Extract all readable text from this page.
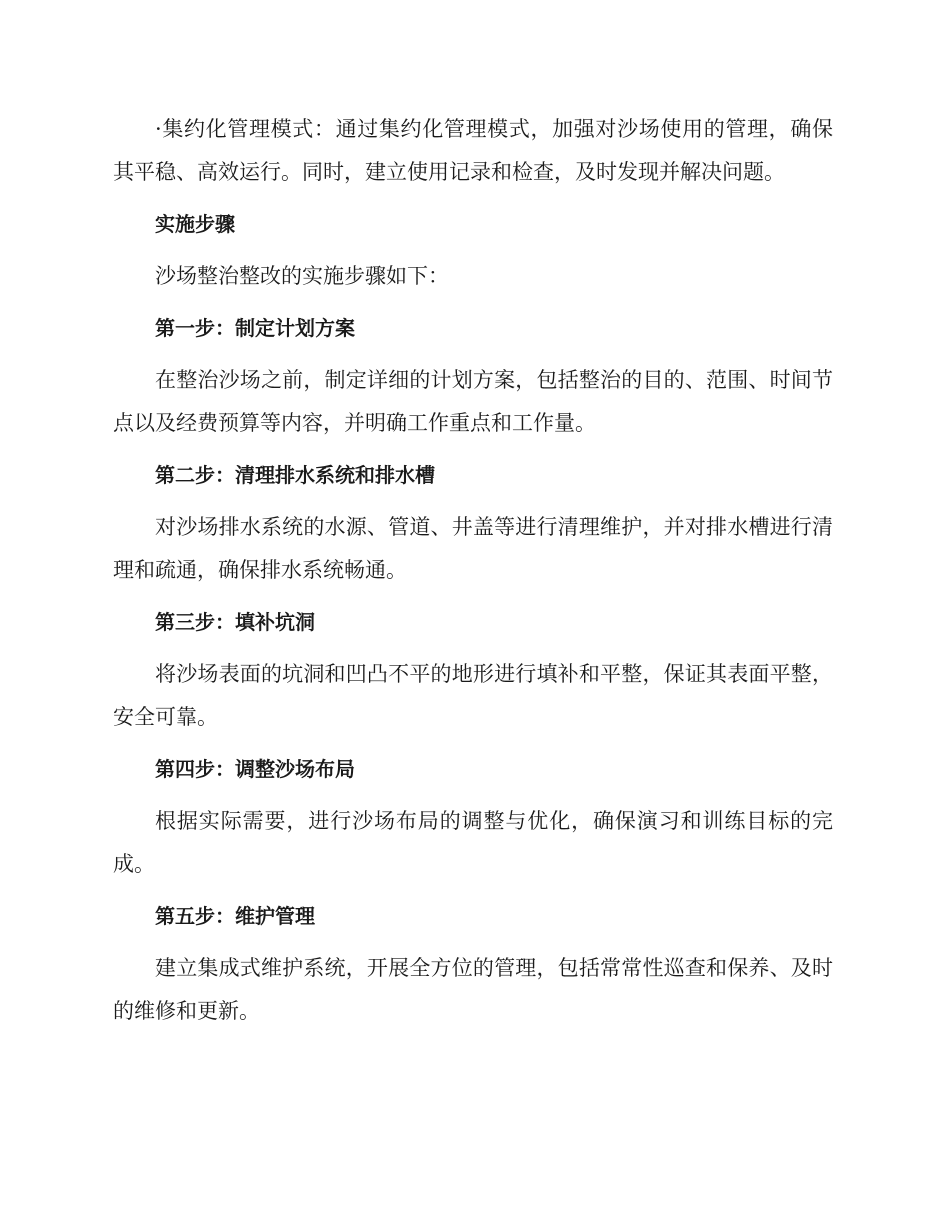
·集约化管理模式：通过集约化管理模式，加强对沙场使用的管理，确保其平稳、高效运行。同时，建立使用记录和检查，及时发现并解决问题。

实施步骤

沙场整治整改的实施步骤如下：

第一步：制定计划方案

在整治沙场之前，制定详细的计划方案，包括整治的目的、范围、时间节点以及经费预算等内容，并明确工作重点和工作量。

第二步：清理排水系统和排水槽

对沙场排水系统的水源、管道、井盖等进行清理维护，并对排水槽进行清理和疏通，确保排水系统畅通。

第三步：填补坑洞

将沙场表面的坑洞和凹凸不平的地形进行填补和平整，保证其表面平整，安全可靠。

第四步：调整沙场布局

根据实际需要，进行沙场布局的调整与优化，确保演习和训练目标的完成。

第五步：维护管理

建立集成式维护系统，开展全方位的管理，包括常常性巡查和保养、及时的维修和更新。
